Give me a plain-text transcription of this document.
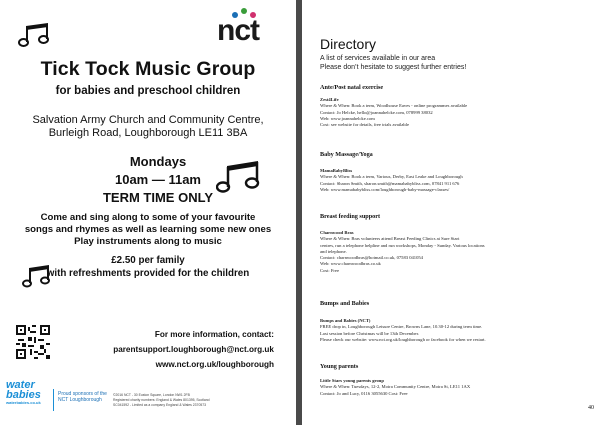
nct
Tick Tock Music Group
for babies and preschool children
Salvation Army Church and Community Centre,
Burleigh Road, Loughborough LE11 3BA
Mondays
10am — 11am
TERM TIME ONLY
Come and sing along to some of your favourite
songs and rhymes as well as learning some new ones
Play instruments along to music
£2.50 per family
with refreshments provided for the children
For more information, contact:
parentsupport.loughborough@nct.org.uk
www.nct.org.uk/loughborough
water babies
waterbabies.co.uk
Proud sponsors of the NCT Loughborough
©2016 NCT - 30 Euston Square, London NW1 2FB
Registered charity numbers: England & Wales 801395, Scotland
SC041592 - Limited as a company England & Wales 2370573
Directory
A list of services available in our area
Please don’t hesitate to suggest further entries!
Ante/Post natal exercise
Zest4Life
Where & When: Book a term, Woodhouse Eaves - online programmes available
Contact: Jo Helcke, hello@joannahelcke.com, 078999 38032
Web: www.joannahelcke.com
Cost: see website for details, free trials available
Baby Massage/Yoga
MamaBabyBliss
Where & When: Book a term, Various, Derby, East Leake and Loughborough
Contact: Sharon Smith, sharon.smith@mamababybliss.com, 07841 911 676
Web: www.mamababybliss.com/loughborough-baby-massage-classes/
Breast feeding support
Charnwood Bras
Where & When: Bras volunteers attend Breast Feeding Clinics at Sure Start
centres, run a telephone helpline and run workshops, Monday - Sunday. Various locations
and telephone.
Contact: charnwoodbras@hotmail.co.uk, 07583 041054
Web: www.charnwoodbras.co.uk
Cost: Free
Bumps and Babies
Bumps and Babies (NCT)
FREE drop in, Loughborough Leisure Centre, Browns Lane, 10.30-12 during term time.
Last session before Christmas will be 13th December.
Please check our website: www.nct.org.uk/loughborough or facebook for when we restart.
Young parents
Little Stars young parents group
Where & When: Tuesdays, 12-2, Moira Community Centre, Moira St, LE11 1AX
Contact: Jo and Lucy, 0116 3055630 Cost: Free
40
